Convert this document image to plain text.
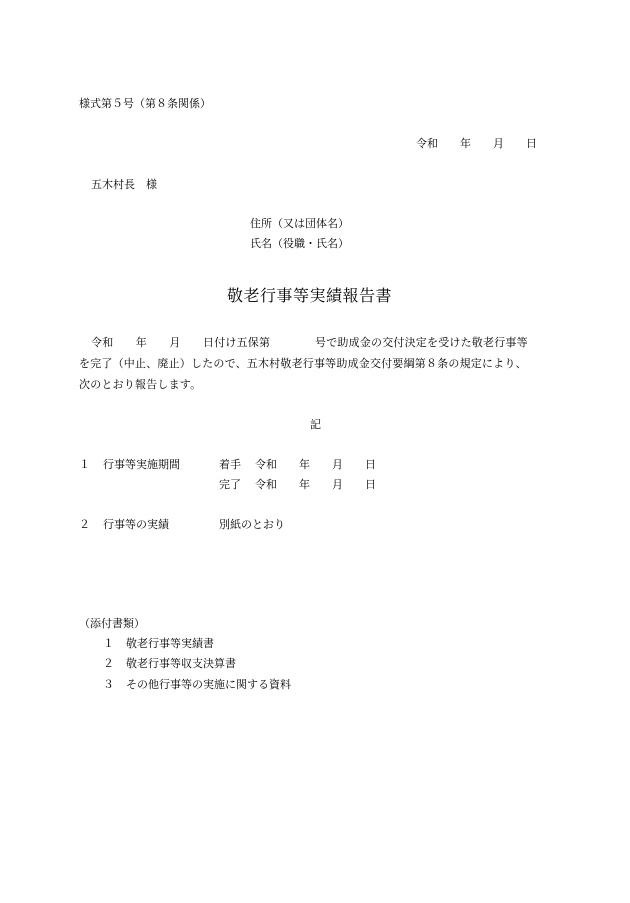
様式第５号（第８条関係）
令和　　年　　月　　日
五木村長　様
住所（又は団体名）
氏名（役職・氏名）
敬老行事等実績報告書
令和　　年　　月　　日付け五保第　　　　号で助成金の交付決定を受けた敬老行事等
を完了（中止、廃止）したので、五木村敬老行事等助成金交付要綱第８条の規定により、
次のとおり報告します。
記
１ 行事等実施期間	着手 令和　　年　　月　　日
完了 令和　　年　　月　　日
２ 行事等の実績	別紙のとおり
（添付書類）
１ 敬老行事等実績書
２ 敬老行事等収支決算書
３ その他行事等の実施に関する資料
